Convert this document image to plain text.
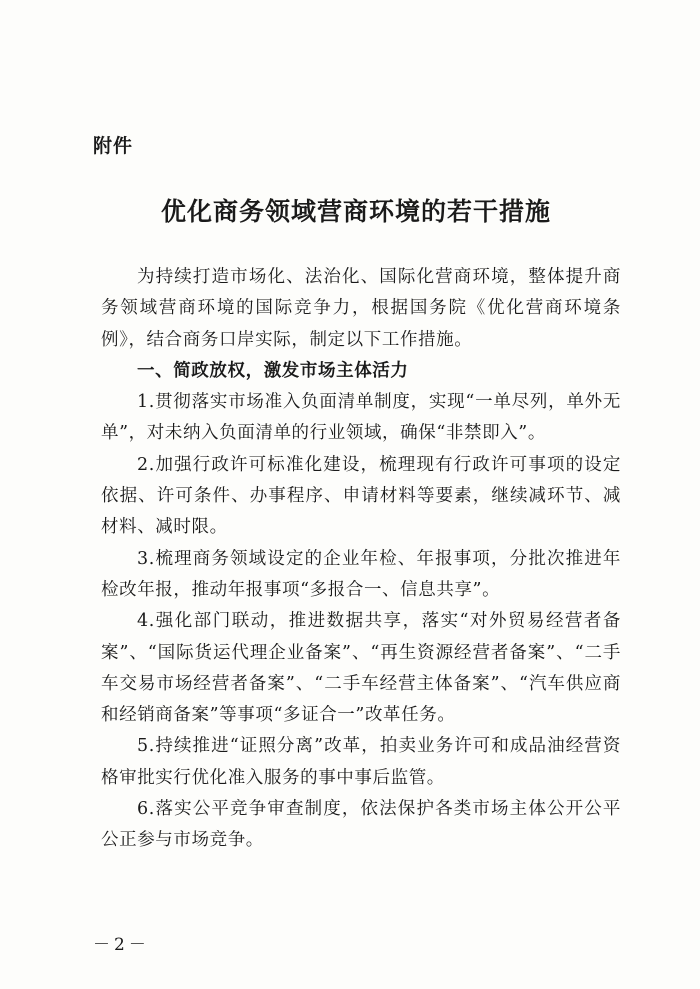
附件
优化商务领域营商环境的若干措施

为持续打造市场化、法治化、国际化营商环境，整体提升商务领域营商环境的国际竞争力，根据国务院《优化营商环境条例》，结合商务口岸实际，制定以下工作措施。

一、简政放权，激发市场主体活力

1.贯彻落实市场准入负面清单制度，实现“一单尽列，单外无单”，对未纳入负面清单的行业领域，确保“非禁即入”。

2.加强行政许可标准化建设，梳理现有行政许可事项的设定依据、许可条件、办事程序、申请材料等要素，继续减环节、减材料、减时限。

3.梳理商务领域设定的企业年检、年报事项，分批次推进年检改年报，推动年报事项“多报合一、信息共享”。

4.强化部门联动，推进数据共享，落实“对外贸易经营者备案”、“国际货运代理企业备案”、“再生资源经营者备案”、“二手车交易市场经营者备案”、“二手车经营主体备案”、“汽车供应商和经销商备案”等事项“多证合一”改革任务。

5.持续推进“证照分离”改革，拍卖业务许可和成品油经营资格审批实行优化准入服务的事中事后监管。

6.落实公平竞争审查制度，依法保护各类市场主体公开公平公正参与市场竞争。

－2－
